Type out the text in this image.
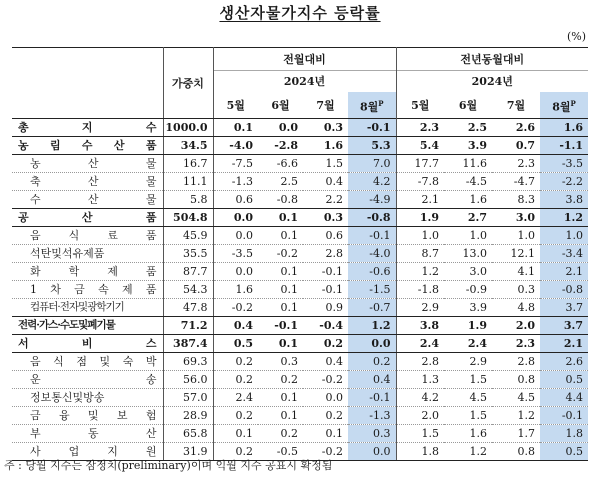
생산자물가지수 등락률
(%)
	가중치	전월대비				전년동월대비			
		2024년				2024년			
		5월	6월	7월	8월$^P$	5월	6월	7월	8월$^P$
총 지 수	1000.0	0.1	0.0	0.3	-0.1	2.3	2.5	2.6	1.6
농 림 수 산 품	34.5	-4.0	-2.8	1.6	5.3	5.4	3.9	0.7	-1.1
농 산 물	16.7	-7.5	-6.6	1.5	7.0	17.7	11.6	2.3	-3.5
축 산 물	11.1	-1.3	2.5	0.4	4.2	-7.8	-4.5	-4.7	-2.2
수 산 물	5.8	0.6	-0.8	2.2	-4.9	2.1	1.6	8.3	3.8
공 산 품	504.8	0.0	0.1	0.3	-0.8	1.9	2.7	3.0	1.2
음 식 료 품	45.9	0.0	0.1	0.6	-0.1	1.0	1.0	1.0	1.0
석탄및석유제품	35.5	-3.5	-0.2	2.8	-4.0	8.7	13.0	12.1	-3.4
화 학 제 품	87.7	0.0	0.1	-0.1	-0.6	1.2	3.0	4.1	2.1
1 차 금 속 제 품	54.3	1.6	0.1	-0.1	-1.5	-1.8	-0.9	0.3	-0.8
컴퓨터·전자및광학기기	47.8	-0.2	0.1	0.9	-0.7	2.9	3.9	4.8	3.7
전력·가스·수도및폐기물	71.2	0.4	-0.1	-0.4	1.2	3.8	1.9	2.0	3.7
서 비 스	387.4	0.5	0.1	0.2	0.0	2.4	2.4	2.3	2.1
음 식 점 및 숙 박	69.3	0.2	0.3	0.4	0.2	2.8	2.9	2.8	2.6
운 송	56.0	0.2	0.2	-0.2	0.4	1.3	1.5	0.8	0.5
정보통신및방송	57.0	2.4	0.1	0.0	-0.1	4.2	4.5	4.5	4.4
금 융 및 보 험	28.9	0.2	0.1	0.2	-1.3	2.0	1.5	1.2	-0.1
부 동 산	65.8	0.1	0.2	0.1	0.3	1.5	1.6	1.7	1.8
사 업 지 원	31.9	0.2	-0.5	-0.2	0.0	1.8	1.2	0.8	0.5
주 : 당월 지수는 잠정치(preliminary)이며 익월 지수 공표시 확정됨
